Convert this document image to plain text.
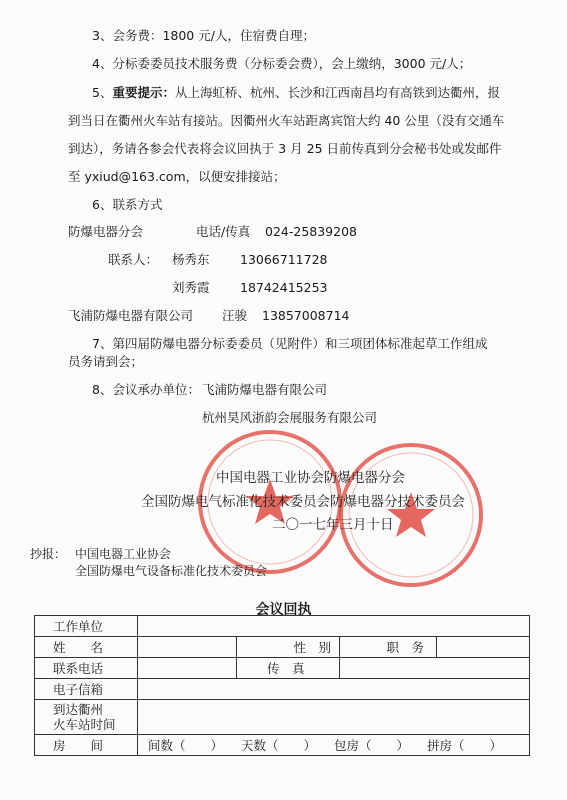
3、会务费：1800 元/人，住宿费自理；
4、分标委委员技术服务费（分标委会费），会上缴纳，3000 元/人；
5、重要提示：从上海虹桥、杭州、长沙和江西南昌均有高铁到达衢州，报
到当日在衢州火车站有接站。因衢州火车站距离宾馆大约 40 公里（没有交通车
到达），务请各参会代表将会议回执于 3 月 25 日前传真到分会秘书处或发邮件
至 yxiud@163.com，以便安排接站；
6、联系方式
防爆电器分会	电话/传真 024-25839208
联系人： 杨秀东 13066711728
刘秀霞 18742415253
飞浦防爆电器有限公司 汪骏 13857008714
7、第四届防爆电器分标委委员（见附件）和三项团体标准起草工作组成
员务请到会；
8、会议承办单位： 飞浦防爆电器有限公司
杭州昊风浙韵会展服务有限公司
中国电器工业协会防爆电器分会
全国防爆电气标准化技术委员会防爆电器分技术委员会
二〇一七年三月十日
抄报： 中国电器工业协会
全国防爆电气设备标准化技术委员会
会议回执
工作单位				
姓　　名		性　别	职　务	
联系电话		传　真		
电子信箱				

到达衢州
火车站时间				

房　　间	间数（　　） 天数（　　） 包房（　　） 拼房（　　）			
